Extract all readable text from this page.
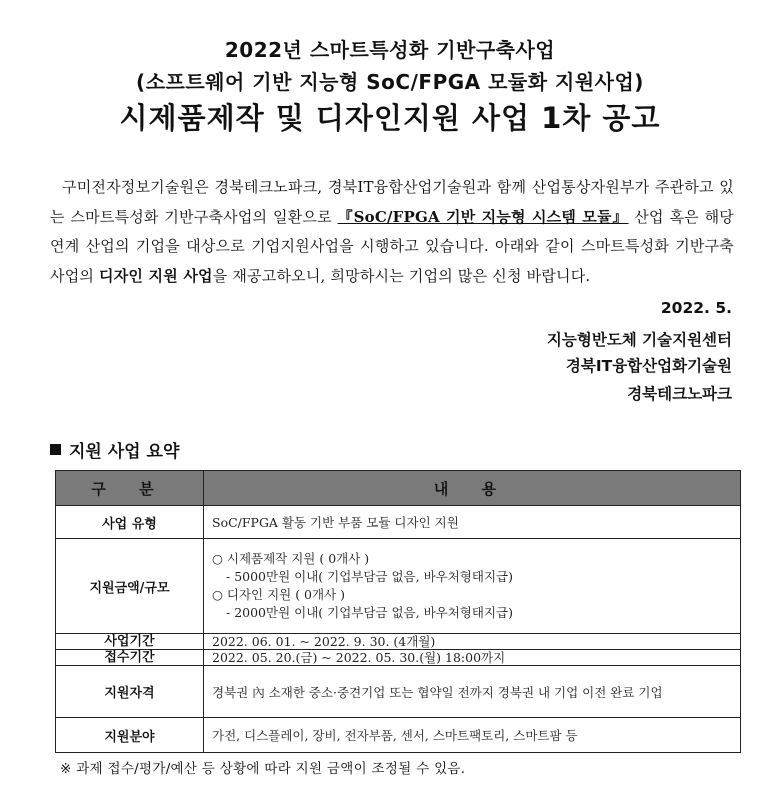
2022년 스마트특성화 기반구축사업
(소프트웨어 기반 지능형 SoC/FPGA 모듈화 지원사업)
시제품제작 및 디자인지원 사업 1차 공고

구미전자정보기술원은 경북테크노파크, 경북IT융합산업기술원과 함께 산업통상자원부가 주관하고 있는 스마트특성화 기반구축사업의 일환으로 『SoC/FPGA 기반 지능형 시스템 모듈』 산업 혹은 해당 연계 산업의 기업을 대상으로 기업지원사업을 시행하고 있습니다. 아래와 같이 스마트특성화 기반구축사업의 디자인 지원 사업을 재공고하오니, 희망하시는 기업의 많은 신청 바랍니다.

2022. 5.
지능형반도체 기술지원센터
경북IT융합산업화기술원
경북테크노파크
지원 사업 요약
구 분	내 용
사업 유형	SoC/FPGA 활동 기반 부품 모듈 디자인 지원
지원금액/규모	○ 시제품제작 지원 ( 0개사 )
- 5000만원 이내( 기업부담금 없음, 바우처형태지급)
○ 디자인 지원 ( 0개사 )
- 2000만원 이내( 기업부담금 없음, 바우처형태지급)

사업기간	2022. 06. 01. ~ 2022. 9. 30. (4개월)
접수기간	2022. 05. 20.(금) ~ 2022. 05. 30.(월) 18:00까지
지원자격	경북권 內 소재한 중소·중견기업 또는 협약일 전까지 경북권 내 기업 이전 완료 기업
지원분야	가전, 디스플레이, 장비, 전자부품, 센서, 스마트팩토리, 스마트팜 등
※ 과제 접수/평가/예산 등 상황에 따라 지원 금액이 조정될 수 있음.
